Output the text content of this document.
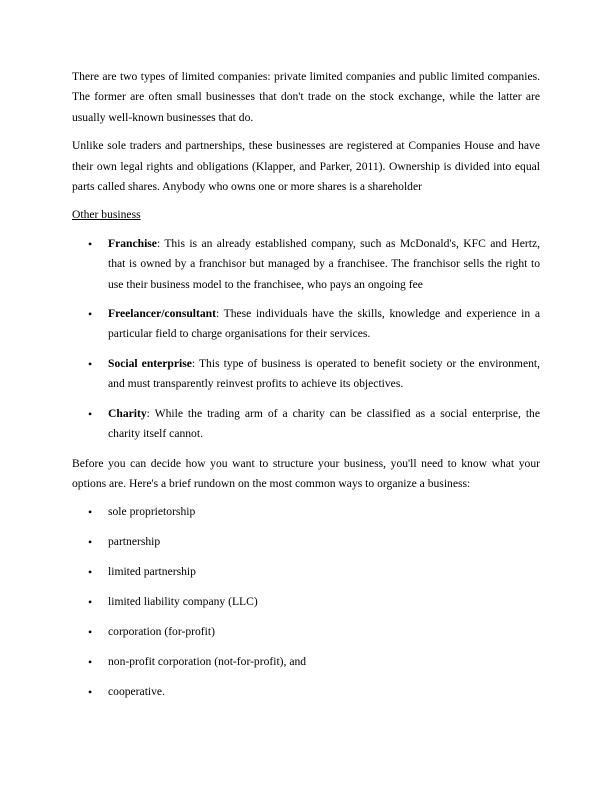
There are two types of limited companies: private limited companies and public limited companies. The former are often small businesses that don't trade on the stock exchange, while the latter are usually well-known businesses that do.

Unlike sole traders and partnerships, these businesses are registered at Companies House and have their own legal rights and obligations (Klapper, and Parker, 2011). Ownership is divided into equal parts called shares. Anybody who owns one or more shares is a shareholder

Other business

• Franchise: This is an already established company, such as McDonald's, KFC and Hertz, that is owned by a franchisor but managed by a franchisee. The franchisor sells the right to use their business model to the franchisee, who pays an ongoing fee
• Freelancer/consultant: These individuals have the skills, knowledge and experience in a particular field to charge organisations for their services.
• Social enterprise: This type of business is operated to benefit society or the environment, and must transparently reinvest profits to achieve its objectives.
• Charity: While the trading arm of a charity can be classified as a social enterprise, the charity itself cannot.

Before you can decide how you want to structure your business, you'll need to know what your options are. Here's a brief rundown on the most common ways to organize a business:

• sole proprietorship
• partnership
• limited partnership
• limited liability company (LLC)
• corporation (for-profit)
• non-profit corporation (not-for-profit), and
• cooperative.
